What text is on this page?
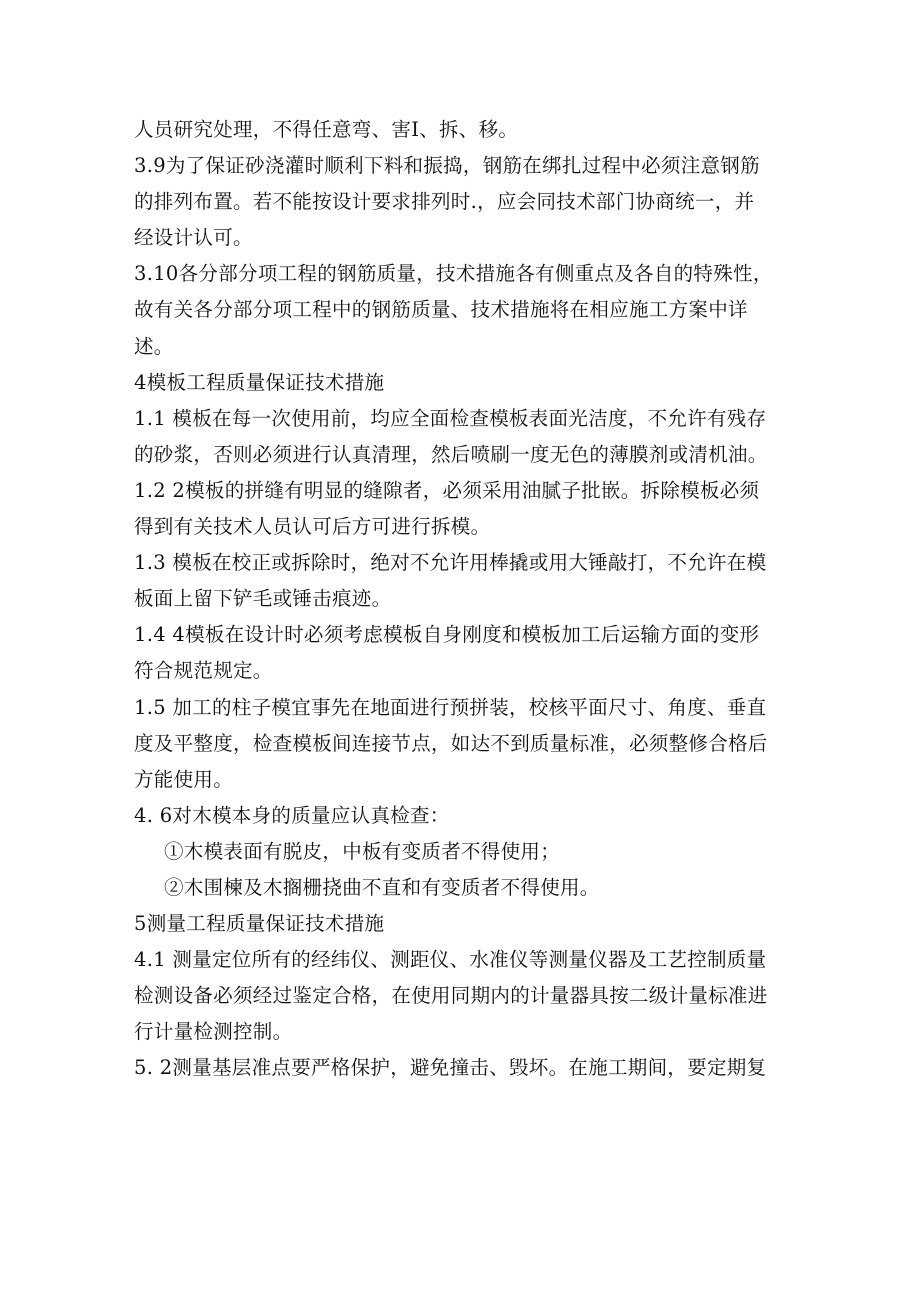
人员研究处理，不得任意弯、害I、拆、移。
3.9为了保证砂浇灌时顺利下料和振捣，钢筋在绑扎过程中必须注意钢筋
的排列布置。若不能按设计要求排列时.，应会同技术部门协商统一，并
经设计认可。
3.10各分部分项工程的钢筋质量，技术措施各有侧重点及各自的特殊性，
故有关各分部分项工程中的钢筋质量、技术措施将在相应施工方案中详
述。
4模板工程质量保证技术措施
1.1 模板在每一次使用前，均应全面检查模板表面光洁度，不允许有残存
的砂浆，否则必须进行认真清理，然后喷刷一度无色的薄膜剂或清机油。
1.2 2模板的拼缝有明显的缝隙者，必须采用油腻子批嵌。拆除模板必须
得到有关技术人员认可后方可进行拆模。
1.3 模板在校正或拆除时，绝对不允许用棒撬或用大锤敲打，不允许在模
板面上留下铲毛或锤击痕迹。
1.4 4模板在设计时必须考虑模板自身刚度和模板加工后运输方面的变形
符合规范规定。
1.5 加工的柱子模宜事先在地面进行预拼装，校核平面尺寸、角度、垂直
度及平整度，检查模板间连接节点，如达不到质量标准，必须整修合格后
方能使用。
4. 6对木模本身的质量应认真检查：
①木模表面有脱皮，中板有变质者不得使用；
②木围楝及木搁栅挠曲不直和有变质者不得使用。
5测量工程质量保证技术措施
4.1 测量定位所有的经纬仪、测距仪、水准仪等测量仪器及工艺控制质量
检测设备必须经过鉴定合格，在使用同期内的计量器具按二级计量标准进
行计量检测控制。
5. 2测量基层准点要严格保护，避免撞击、毁坏。在施工期间，要定期复
